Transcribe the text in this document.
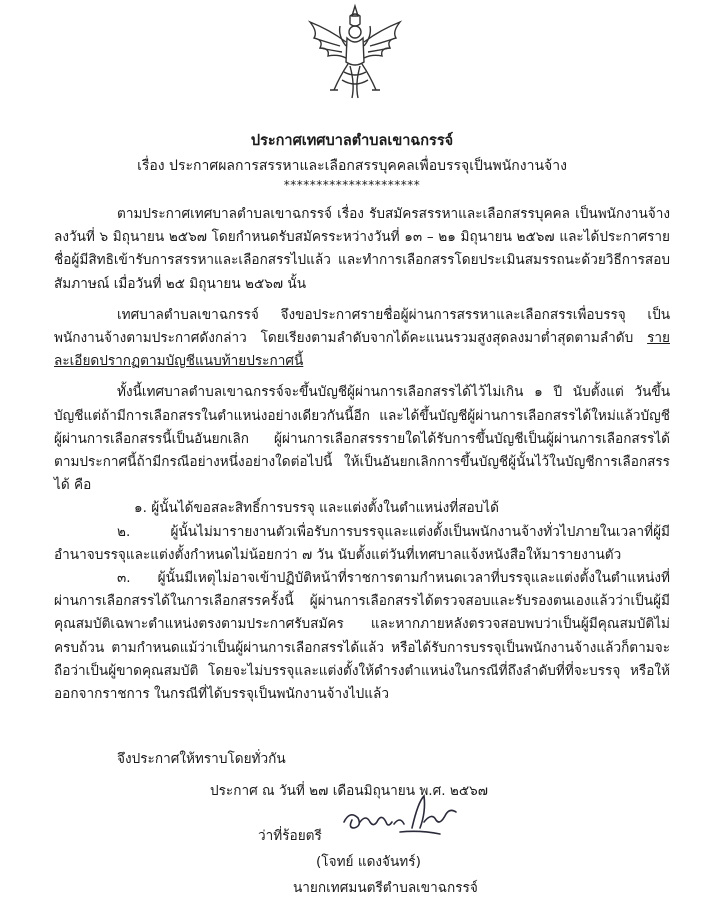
ประกาศเทศบาลตำบลเขาฉกรรจ์
เรื่อง ประกาศผลการสรรหาและเลือกสรรบุคคลเพื่อบรรจุเป็นพนักงานจ้าง
*********************

ตามประกาศเทศบาลตำบลเขาฉกรรจ์ เรื่อง รับสมัครสรรหาและเลือกสรรบุคคล เป็นพนักงานจ้าง ลงวันที่ ๖ มิถุนายน ๒๕๖๗ โดยกำหนดรับสมัครระหว่างวันที่ ๑๓ – ๒๑ มิถุนายน ๒๕๖๗ และได้ประกาศรายชื่อผู้มีสิทธิเข้ารับการสรรหาและเลือกสรรไปแล้ว และทำการเลือกสรรโดยประเมินสมรรถนะด้วยวิธีการสอบสัมภาษณ์ เมื่อวันที่ ๒๕ มิถุนายน ๒๕๖๗ นั้น

เทศบาลตำบลเขาฉกรรจ์ จึงขอประกาศรายชื่อผู้ผ่านการสรรหาและเลือกสรรเพื่อบรรจุ เป็นพนักงานจ้างตามประกาศดังกล่าว โดยเรียงตามลำดับจากได้คะแนนรวมสูงสุดลงมาต่ำสุดตามลำดับ รายละเอียดปรากฏตามบัญชีแนบท้ายประกาศนี้

ทั้งนี้เทศบาลตำบลเขาฉกรรจ์จะขึ้นบัญชีผู้ผ่านการเลือกสรรได้ไว้ไม่เกิน ๑ ปี นับตั้งแต่ วันขึ้นบัญชีแต่ถ้ามีการเลือกสรรในตำแหน่งอย่างเดียวกันนี้อีก และได้ขึ้นบัญชีผู้ผ่านการเลือกสรรได้ใหม่แล้วบัญชีผู้ผ่านการเลือกสรรนี้เป็นอันยกเลิก ผู้ผ่านการเลือกสรรรายใดได้รับการขึ้นบัญชีเป็นผู้ผ่านการเลือกสรรได้ตามประกาศนี้ถ้ามีกรณีอย่างหนึ่งอย่างใดต่อไปนี้ ให้เป็นอันยกเลิกการขึ้นบัญชีผู้นั้นไว้ในบัญชีการเลือกสรรได้ คือ

๑. ผู้นั้นได้ขอสละสิทธิ์การบรรจุ และแต่งตั้งในตำแหน่งที่สอบได้

๒. ผู้นั้นไม่มารายงานตัวเพื่อรับการบรรจุและแต่งตั้งเป็นพนักงานจ้างทั่วไปภายในเวลาที่ผู้มีอำนาจบรรจุและแต่งตั้งกำหนดไม่น้อยกว่า ๗ วัน นับตั้งแต่วันที่เทศบาลแจ้งหนังสือให้มารายงานตัว

๓. ผู้นั้นมีเหตุไม่อาจเข้าปฏิบัติหน้าที่ราชการตามกำหนดเวลาที่บรรจุและแต่งตั้งในตำแหน่งที่ผ่านการเลือกสรรได้ในการเลือกสรรครั้งนี้ ผู้ผ่านการเลือกสรรได้ตรวจสอบและรับรองตนเองแล้วว่าเป็นผู้มีคุณสมบัติเฉพาะตำแหน่งตรงตามประกาศรับสมัคร และหากภายหลังตรวจสอบพบว่าเป็นผู้มีคุณสมบัติไม่ครบถ้วน ตามกำหนดแม้ว่าเป็นผู้ผ่านการเลือกสรรได้แล้ว หรือได้รับการบรรจุเป็นพนักงานจ้างแล้วก็ตามจะถือว่าเป็นผู้ขาดคุณสมบัติ โดยจะไม่บรรจุและแต่งตั้งให้ดำรงตำแหน่งในกรณีที่ถึงลำดับที่ที่จะบรรจุ หรือให้ออกจากราชการ ในกรณีที่ได้บรรจุเป็นพนักงานจ้างไปแล้ว

จึงประกาศให้ทราบโดยทั่วกัน
ประกาศ ณ วันที่ ๒๗ เดือนมิถุนายน พ.ศ. ๒๕๖๗
ว่าที่ร้อยตรี
(โจทย์ แดงจันทร์)
นายกเทศมนตรีตำบลเขาฉกรรจ์
